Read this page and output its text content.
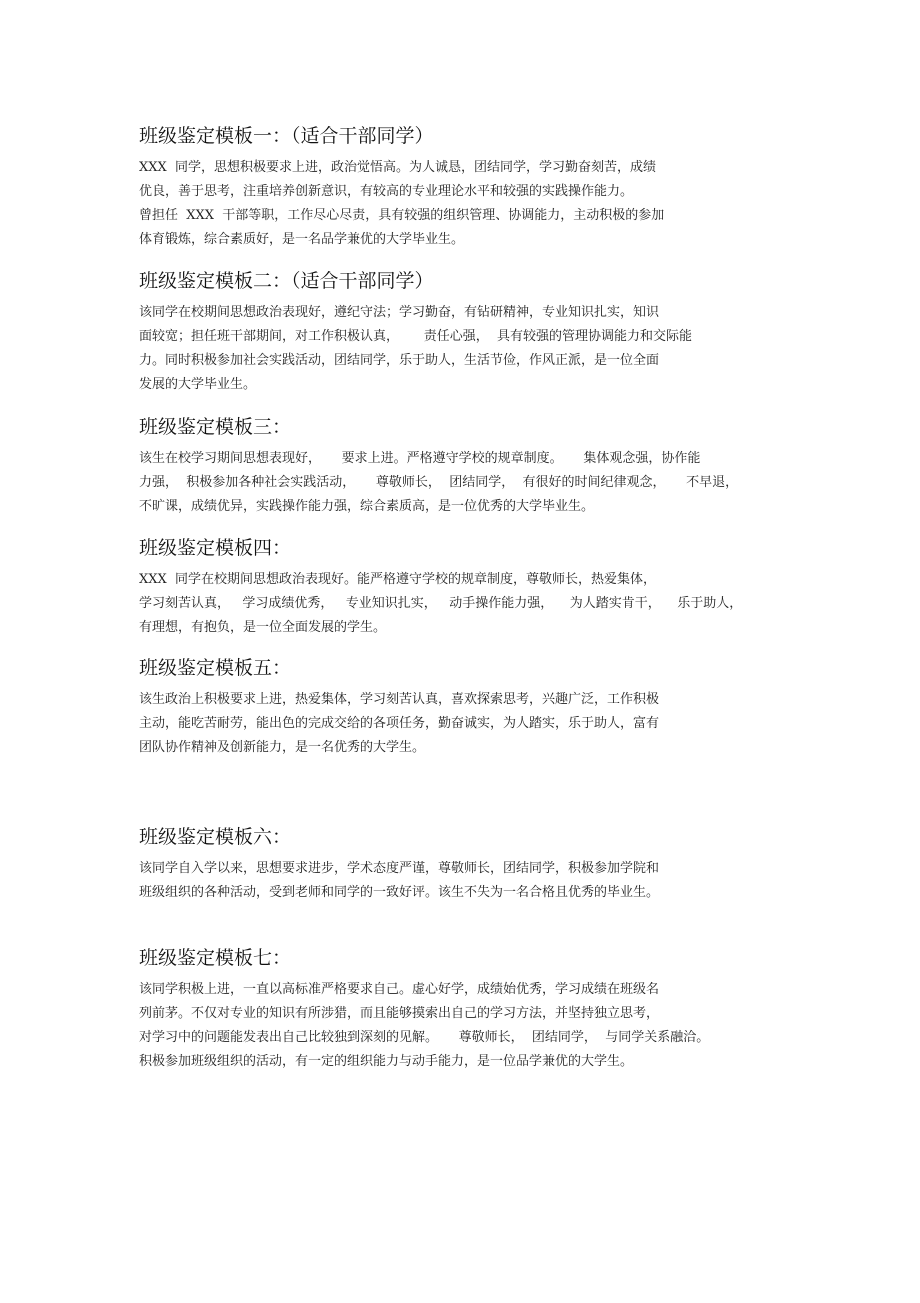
班级鉴定模板一：（适合干部同学）
XXX  同学，思想积极要求上进，政治觉悟高。为人诚恳，团结同学，学习勤奋刻苦，成绩
优良，善于思考，注重培养创新意识，有较高的专业理论水平和较强的实践操作能力。
曾担任  XXX  干部等职，工作尽心尽责，具有较强的组织管理、协调能力，主动积极的参加
体育锻炼，综合素质好，是一名品学兼优的大学毕业生。
班级鉴定模板二：（适合干部同学）
该同学在校期间思想政治表现好，遵纪守法；学习勤奋，有钻研精神，专业知识扎实，知识
面较宽；担任班干部期间，对工作积极认真，      责任心强，  具有较强的管理协调能力和交际能
力。同时积极参加社会实践活动，团结同学，乐于助人，生活节俭，作风正派，是一位全面
发展的大学毕业生。
班级鉴定模板三：
该生在校学习期间思想表现好，     要求上进。严格遵守学校的规章制度。     集体观念强，协作能
力强，  积极参加各种社会实践活动，     尊敬师长，  团结同学，  有很好的时间纪律观念，     不早退，
不旷课，成绩优异，实践操作能力强，综合素质高，是一位优秀的大学毕业生。
班级鉴定模板四：
XXX  同学在校期间思想政治表现好。能严格遵守学校的规章制度，尊敬师长，热爱集体，
学习刻苦认真，   学习成绩优秀，   专业知识扎实，   动手操作能力强，    为人踏实肯干，    乐于助人，
有理想，有抱负，是一位全面发展的学生。
班级鉴定模板五：
该生政治上积极要求上进，热爱集体，学习刻苦认真，喜欢探索思考，兴趣广泛，工作积极
主动，能吃苦耐劳，能出色的完成交给的各项任务，勤奋诚实，为人踏实，乐于助人，富有
团队协作精神及创新能力，是一名优秀的大学生。
班级鉴定模板六：
该同学自入学以来，思想要求进步，学术态度严谨，尊敬师长，团结同学，积极参加学院和
班级组织的各种活动，受到老师和同学的一致好评。该生不失为一名合格且优秀的毕业生。
班级鉴定模板七：
该同学积极上进，一直以高标准严格要求自己。虚心好学，成绩始优秀，学习成绩在班级名
列前茅。不仅对专业的知识有所涉猎，而且能够摸索出自己的学习方法，并坚持独立思考，
对学习中的问题能发表出自己比较独到深刻的见解。     尊敬师长，  团结同学，  与同学关系融洽。
积极参加班级组织的活动，有一定的组织能力与动手能力，是一位品学兼优的大学生。
